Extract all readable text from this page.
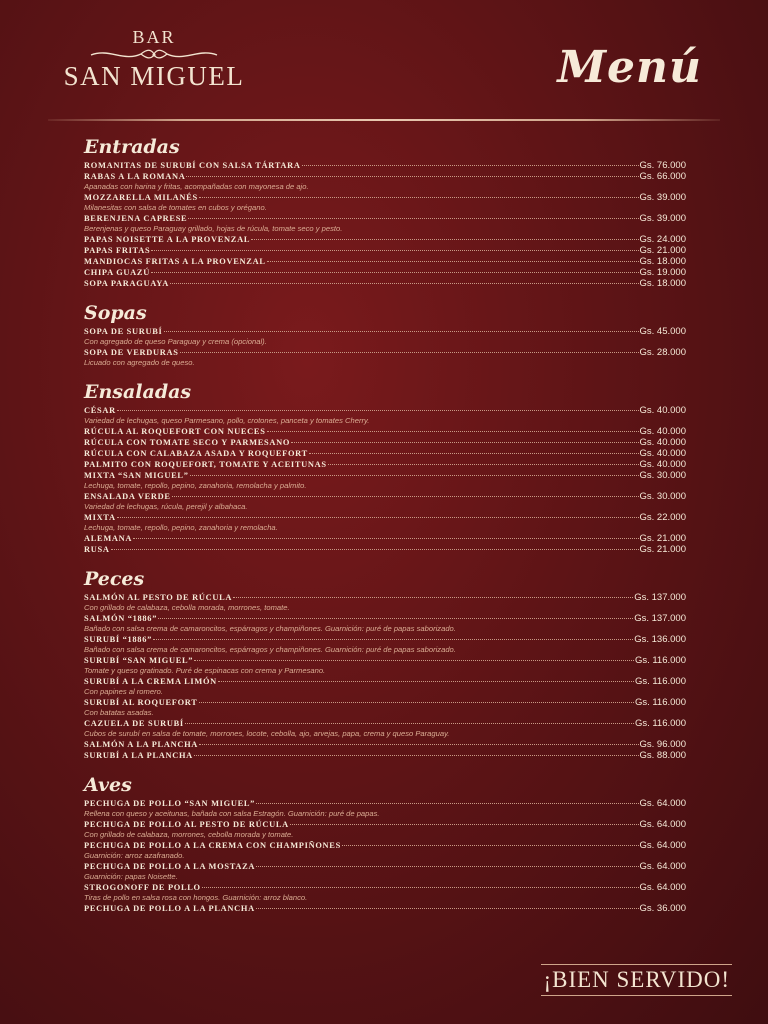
BAR
SAN MIGUEL	Menú
Entradas
ROMANITAS DE SURUBÍ CON SALSA TÁRTARA	Gs. 76.000
RABAS A LA ROMANA	Gs. 66.000
Apanadas con harina y fritas, acompañadas con mayonesa de ajo.
MOZZARELLA MILANÉS	Gs. 39.000
Milanesitas con salsa de tomates en cubos y orégano.
BERENJENA CAPRESE	Gs. 39.000
Berenjenas y queso Paraguay grillado, hojas de rúcula, tomate seco y pesto.
PAPAS NOISETTE A LA PROVENZAL	Gs. 24.000
PAPAS FRITAS	Gs. 21.000
MANDIOCAS FRITAS A LA PROVENZAL	Gs. 18.000
CHIPA GUAZÚ	Gs. 19.000
SOPA PARAGUAYA	Gs. 18.000
Sopas
SOPA DE SURUBÍ	Gs. 45.000
Con agregado de queso Paraguay y crema (opcional).
SOPA DE VERDURAS	Gs. 28.000
Licuado con agregado de queso.
Ensaladas
CÉSAR	Gs. 40.000
Variedad de lechugas, queso Parmesano, pollo, crotones, panceta y tomates Cherry.
RÚCULA AL ROQUEFORT CON NUECES	Gs. 40.000
RÚCULA CON TOMATE SECO Y PARMESANO	Gs. 40.000
RÚCULA CON CALABAZA ASADA Y ROQUEFORT	Gs. 40.000
PALMITO CON ROQUEFORT, TOMATE Y ACEITUNAS	Gs. 40.000
MIXTA “SAN MIGUEL”	Gs. 30.000
Lechuga, tomate, repollo, pepino, zanahoria, remolacha y palmito.
ENSALADA VERDE	Gs. 30.000
Variedad de lechugas, rúcula, perejil y albahaca.
MIXTA	Gs. 22.000
Lechuga, tomate, repollo, pepino, zanahoria y remolacha.
ALEMANA	Gs. 21.000
RUSA	Gs. 21.000
Peces
SALMÓN AL PESTO DE RÚCULA	Gs. 137.000
Con grillado de calabaza, cebolla morada, morrones, tomate.
SALMÓN “1886”	Gs. 137.000
Bañado con salsa crema de camaroncitos, espárragos y champiñones. Guarnición: puré de papas saborizado.
SURUBÍ “1886”	Gs. 136.000
Bañado con salsa crema de camaroncitos, espárragos y champiñones. Guarnición: puré de papas saborizado.
SURUBÍ “SAN MIGUEL”	Gs. 116.000
Tomate y queso gratinado. Puré de espinacas con crema y Parmesano.
SURUBÍ A LA CREMA LIMÓN	Gs. 116.000
Con papines al romero.
SURUBÍ AL ROQUEFORT	Gs. 116.000
Con batatas asadas.
CAZUELA DE SURUBÍ	Gs. 116.000
Cubos de surubí en salsa de tomate, morrones, locote, cebolla, ajo, arvejas, papa, crema y queso Paraguay.
SALMÓN A LA PLANCHA	Gs. 96.000
SURUBÍ A LA PLANCHA	Gs. 88.000
Aves
PECHUGA DE POLLO “SAN MIGUEL”	Gs. 64.000
Rellena con queso y aceitunas, bañada con salsa Estragón. Guarnición: puré de papas.
PECHUGA DE POLLO AL PESTO DE RÚCULA	Gs. 64.000
Con grillado de calabaza, morrones, cebolla morada y tomate.
PECHUGA DE POLLO A LA CREMA CON CHAMPIÑONES	Gs. 64.000
Guarnición: arroz azafranado.
PECHUGA DE POLLO A LA MOSTAZA	Gs. 64.000
Guarnición: papas Noisette.
STROGONOFF DE POLLO	Gs. 64.000
Tiras de pollo en salsa rosa con hongos. Guarnición: arroz blanco.
PECHUGA DE POLLO A LA PLANCHA	Gs. 36.000
¡BIEN SERVIDO!
